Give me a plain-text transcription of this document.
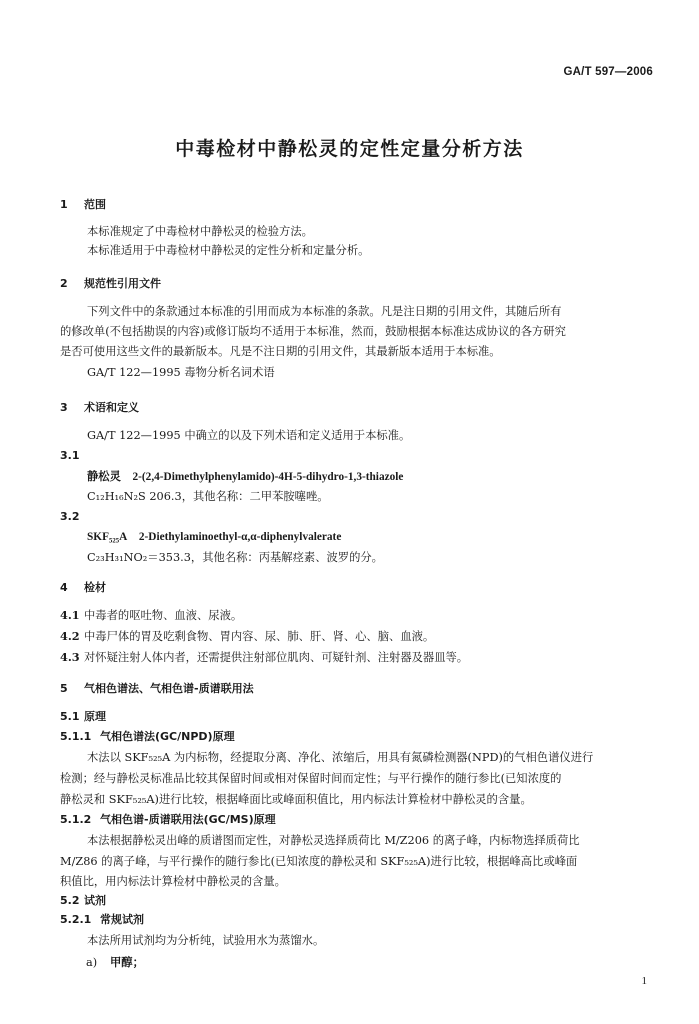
GA/T 597—2006
中毒检材中静松灵的定性定量分析方法
1 范围
本标准规定了中毒检材中静松灵的检验方法。
本标准适用于中毒检材中静松灵的定性分析和定量分析。
2 规范性引用文件
下列文件中的条款通过本标准的引用而成为本标准的条款。凡是注日期的引用文件，其随后所有
的修改单(不包括勘误的内容)或修订版均不适用于本标准，然而，鼓励根据本标准达成协议的各方研究
是否可使用这些文件的最新版本。凡是不注日期的引用文件，其最新版本适用于本标准。
GA/T 122—1995 毒物分析名词术语
3 术语和定义
GA/T 122—1995 中确立的以及下列术语和定义适用于本标准。
3.1
静松灵 2-(2,4-Dimethylphenylamido)-4H-5-dihydro-1,3-thiazole
C₁₂H₁₆N₂S 206.3，其他名称：二甲苯胺噻唑。
3.2
SKF₅₂₅A 2-Diethylaminoethyl-α,α-diphenylvalerate
C₂₃H₃₁NO₂＝353.3，其他名称：丙基解痉素、波罗的分。
4 检材
4.1 中毒者的呕吐物、血液、尿液。
4.2 中毒尸体的胃及吃剩食物、胃内容、尿、肺、肝、肾、心、脑、血液。
4.3 对怀疑注射人体内者，还需提供注射部位肌肉、可疑针剂、注射器及器皿等。
5 气相色谱法、气相色谱-质谱联用法
5.1 原理
5.1.1 气相色谱法(GC/NPD)原理
木法以 SKF₅₂₅A 为内标物，经提取分离、净化、浓缩后，用具有氮磷检测器(NPD)的气相色谱仪进行
检测；经与静松灵标准品比较其保留时间或相对保留时间而定性；与平行操作的随行参比(已知浓度的
静松灵和 SKF₅₂₅A)进行比较，根据峰面比或峰面积值比，用内标法计算检材中静松灵的含量。
5.1.2 气相色谱-质谱联用法(GC/MS)原理
本法根据静松灵出峰的质谱图而定性，对静松灵选择质荷比 M/Z206 的离子峰，内标物选择质荷比
M/Z86 的离子峰，与平行操作的随行参比(已知浓度的静松灵和 SKF₅₂₅A)进行比较，根据峰高比或峰面
积值比，用内标法计算检材中静松灵的含量。
5.2 试剂
5.2.1 常规试剂
本法所用试剂均为分析纯，试验用水为蒸馏水。
a) 甲醇；
1
